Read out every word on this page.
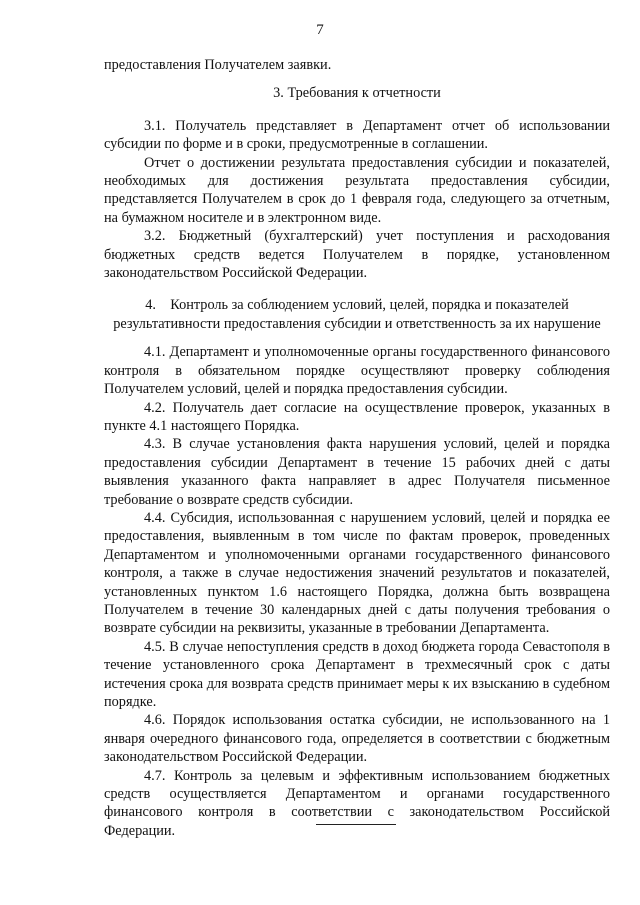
7

предоставления Получателем заявки.

3. Требования к отчетности

3.1. Получатель представляет в Департамент отчет об использовании субсидии по форме и в сроки, предусмотренные в соглашении.

Отчет о достижении результата предоставления субсидии и показателей, необходимых для достижения результата предоставления субсидии, представляется Получателем в срок до 1 февраля года, следующего за отчетным, на бумажном носителе и в электронном виде.

3.2. Бюджетный (бухгалтерский) учет поступления и расходования бюджетных средств ведется Получателем в порядке, установленном законодательством Российской Федерации.

4.    Контроль за соблюдением условий, целей, порядка и показателей

результативности предоставления субсидии и ответственность за их нарушение

4.1. Департамент и уполномоченные органы государственного финансового контроля в обязательном порядке осуществляют проверку соблюдения Получателем условий, целей и порядка предоставления субсидии.

4.2. Получатель дает согласие на осуществление проверок, указанных в пункте 4.1 настоящего Порядка.

4.3. В случае установления факта нарушения условий, целей и порядка предоставления субсидии Департамент в течение 15 рабочих дней с даты выявления указанного факта направляет в адрес Получателя письменное требование о возврате средств субсидии.

4.4. Субсидия, использованная с нарушением условий, целей и порядка ее предоставления, выявленным в том числе по фактам проверок, проведенных Департаментом и уполномоченными органами государственного финансового контроля, а также в случае недостижения значений результатов и показателей, установленных пунктом 1.6 настоящего Порядка, должна быть возвращена Получателем в течение 30 календарных дней с даты получения требования о возврате субсидии на реквизиты, указанные в требовании Департамента.

4.5. В случае непоступления средств в доход бюджета города Севастополя в течение установленного срока Департамент в трехмесячный срок с даты истечения срока для возврата средств принимает меры к их взысканию в судебном порядке.

4.6. Порядок использования остатка субсидии, не использованного на 1 января очередного финансового года, определяется в соответствии с бюджетным законодательством Российской Федерации.

4.7. Контроль за целевым и эффективным использованием бюджетных средств осуществляется Департаментом и органами государственного финансового контроля в соответствии с законодательством Российской Федерации.
